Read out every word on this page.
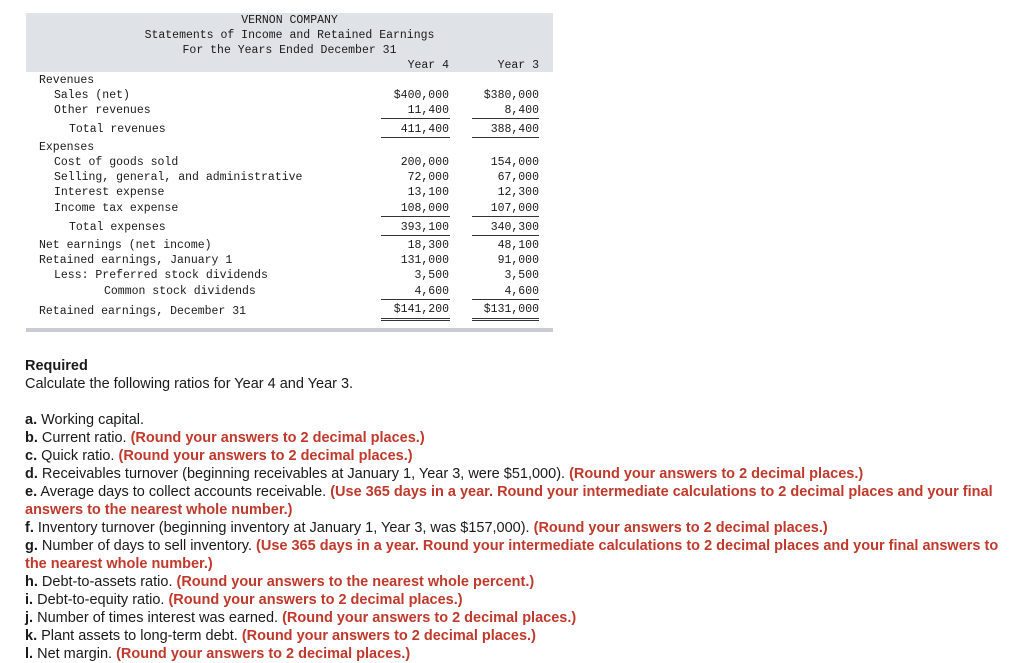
VERNON COMPANY
Statements of Income and Retained Earnings
For the Years Ended December 31
Year 4	Year 3
Revenues
Sales (net)	$400,000	$380,000
Other revenues	11,400	8,400
Total revenues	411,400	388,400
Expenses
Cost of goods sold	200,000	154,000
Selling, general, and administrative	72,000	67,000
Interest expense	13,100	12,300
Income tax expense	108,000	107,000
Total expenses	393,100	340,300
Net earnings (net income)	18,300	48,100
Retained earnings, January 1	131,000	91,000
Less: Preferred stock dividends	3,500	3,500
Common stock dividends	4,600	4,600
Retained earnings, December 31	$141,200	$131,000
Required
Calculate the following ratios for Year 4 and Year 3.
a. Working capital.
b. Current ratio. (Round your answers to 2 decimal places.)
c. Quick ratio. (Round your answers to 2 decimal places.)
d. Receivables turnover (beginning receivables at January 1, Year 3, were $51,000). (Round your answers to 2 decimal places.)
e. Average days to collect accounts receivable. (Use 365 days in a year. Round your intermediate calculations to 2 decimal places and your final answers to the nearest whole number.)
f. Inventory turnover (beginning inventory at January 1, Year 3, was $157,000). (Round your answers to 2 decimal places.)
g. Number of days to sell inventory. (Use 365 days in a year. Round your intermediate calculations to 2 decimal places and your final answers to the nearest whole number.)
h. Debt-to-assets ratio. (Round your answers to the nearest whole percent.)
i. Debt-to-equity ratio. (Round your answers to 2 decimal places.)
j. Number of times interest was earned. (Round your answers to 2 decimal places.)
k. Plant assets to long-term debt. (Round your answers to 2 decimal places.)
l. Net margin. (Round your answers to 2 decimal places.)
